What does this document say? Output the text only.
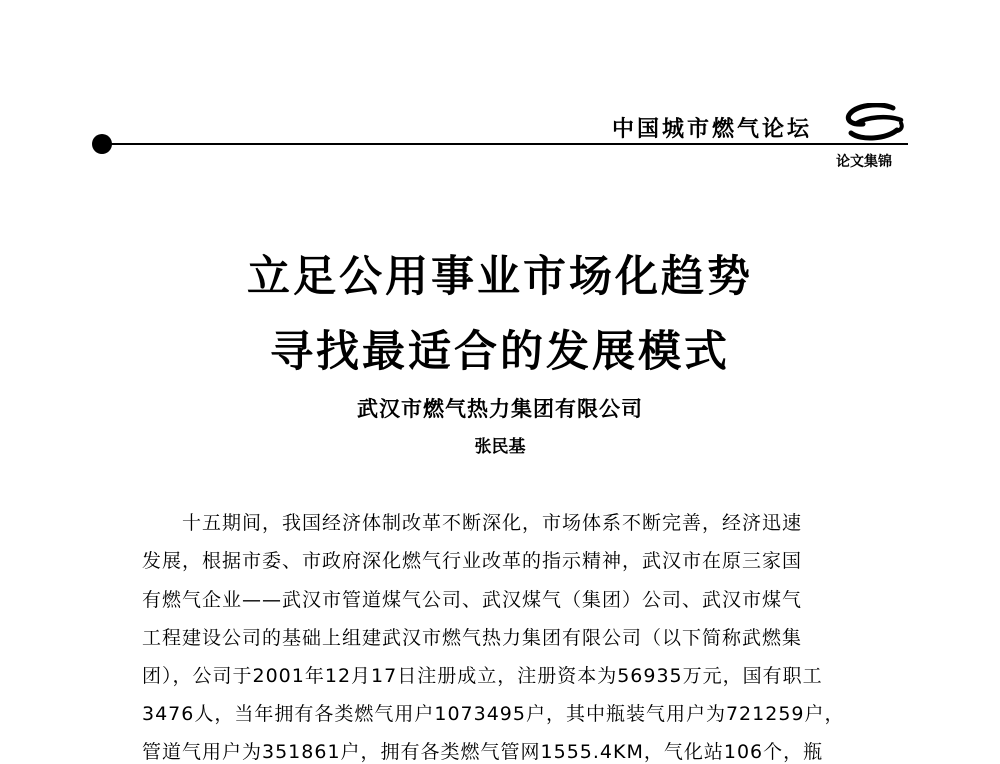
中国城市燃气论坛
论文集锦
立足公用事业市场化趋势
寻找最适合的发展模式
武汉市燃气热力集团有限公司
张民基
十五期间，我国经济体制改革不断深化，市场体系不断完善，经济迅速
发展，根据市委、市政府深化燃气行业改革的指示精神，武汉市在原三家国
有燃气企业——武汉市管道煤气公司、武汉煤气（集团）公司、武汉市煤气
工程建设公司的基础上组建武汉市燃气热力集团有限公司（以下简称武燃集
团），公司于2001年12月17日注册成立，注册资本为56935万元，国有职工
3476人，当年拥有各类燃气用户1073495户，其中瓶装气用户为721259户，
管道气用户为351861户，拥有各类燃气管网1555.4KM，气化站106个，瓶
